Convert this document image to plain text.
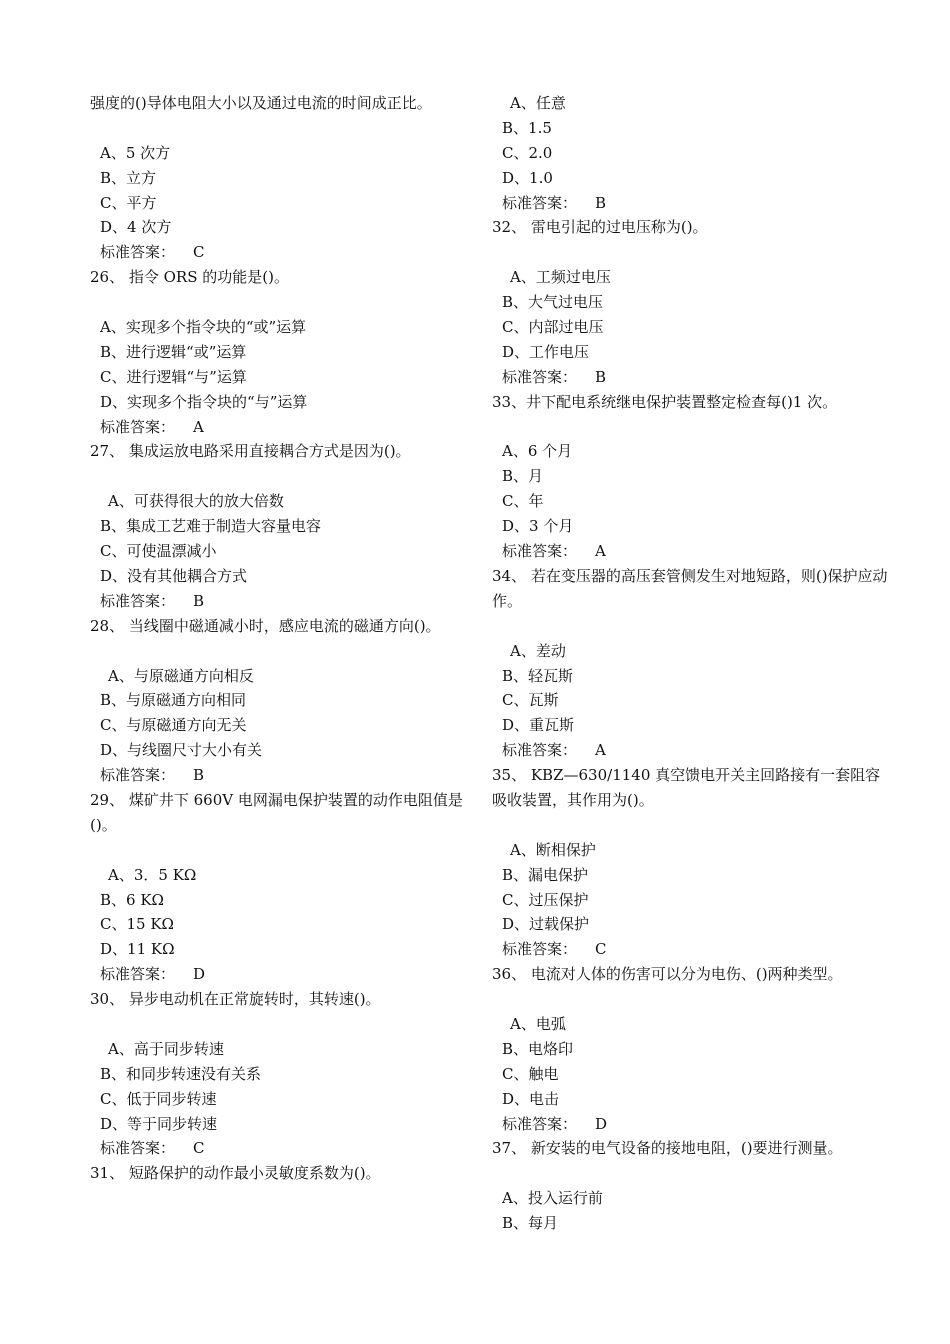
强度的()导体电阻大小以及通过电流的时间成正比。
A、5 次方
B、立方
C、平方
D、4 次方
标准答案： C
26、 指令 ORS 的功能是()。
A、实现多个指令块的“或”运算
B、进行逻辑“或”运算
C、进行逻辑“与”运算
D、实现多个指令块的“与”运算
标准答案： A
27、 集成运放电路采用直接耦合方式是因为()。
A、可获得很大的放大倍数
B、集成工艺难于制造大容量电容
C、可使温漂减小
D、没有其他耦合方式
标准答案： B
28、 当线圈中磁通减小时，感应电流的磁通方向()。
A、与原磁通方向相反
B、与原磁通方向相同
C、与原磁通方向无关
D、与线圈尺寸大小有关
标准答案： B
29、 煤矿井下 660V 电网漏电保护装置的动作电阻值是()。
A、3．5 KΩ
B、6 KΩ
C、15 KΩ
D、11 KΩ
标准答案： D
30、 异步电动机在正常旋转时，其转速()。
A、高于同步转速
B、和同步转速没有关系
C、低于同步转速
D、等于同步转速
标准答案： C
31、 短路保护的动作最小灵敏度系数为()。
A、任意
B、1.5
C、2.0
D、1.0
标准答案： B
32、 雷电引起的过电压称为()。
A、工频过电压
B、大气过电压
C、内部过电压
D、工作电压
标准答案： B
33、井下配电系统继电保护装置整定检查每()1 次。
A、6 个月
B、月
C、年
D、3 个月
标准答案： A
34、 若在变压器的高压套管侧发生对地短路，则()保护应动作。
A、差动
B、轻瓦斯
C、瓦斯
D、重瓦斯
标准答案： A
35、 KBZ—630/1140 真空馈电开关主回路接有一套阻容吸收装置，其作用为()。
A、断相保护
B、漏电保护
C、过压保护
D、过载保护
标准答案： C
36、 电流对人体的伤害可以分为电伤、()两种类型。
A、电弧
B、电烙印
C、触电
D、电击
标准答案： D
37、 新安装的电气设备的接地电阻，()要进行测量。
A、投入运行前
B、每月
